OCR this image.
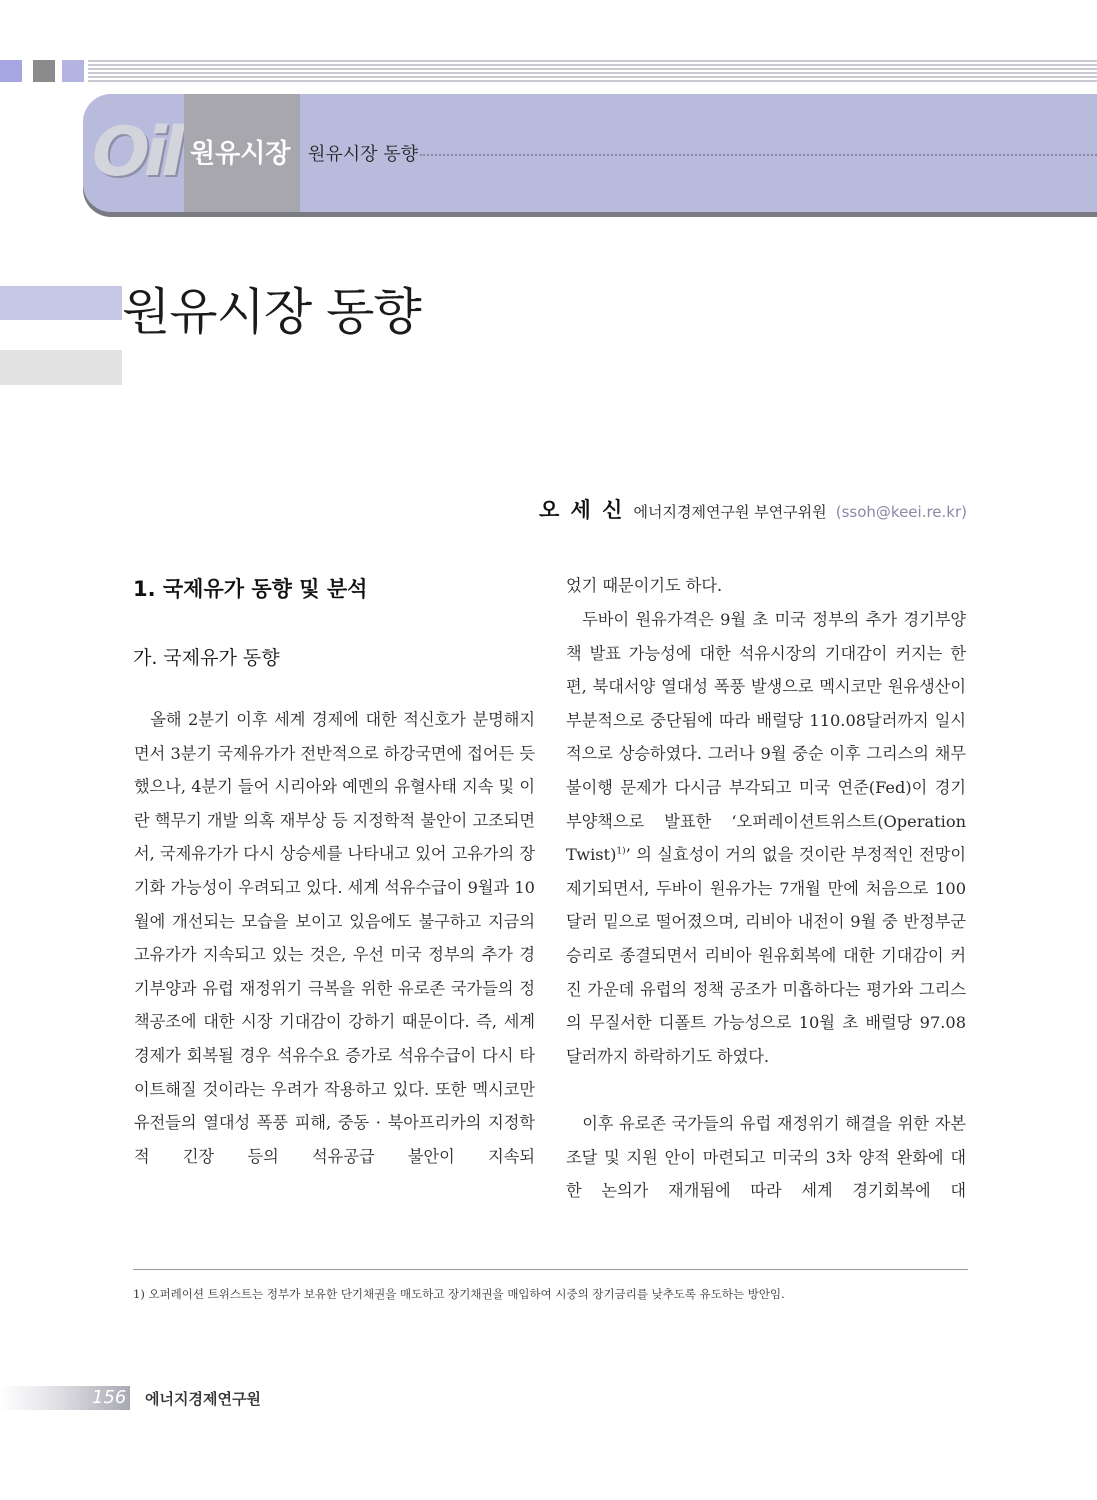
Oil 원유시장 원유시장 동향
원유시장 동향
오 세 신 에너지경제연구원 부연구위원 (ssoh@keei.re.kr)
1. 국제유가 동향 및 분석
가. 국제유가 동향

올해 2분기 이후 세계 경제에 대한 적신호가 분명해지면서 3분기 국제유가가 전반적으로 하강국면에 접어든 듯 했으나, 4분기 들어 시리아와 예멘의 유혈사태 지속 및 이란 핵무기 개발 의혹 재부상 등 지정학적 불안이 고조되면서, 국제유가가 다시 상승세를 나타내고 있어 고유가의 장기화 가능성이 우려되고 있다. 세계 석유수급이 9월과 10월에 개선되는 모습을 보이고 있음에도 불구하고 지금의 고유가가 지속되고 있는 것은, 우선 미국 정부의 추가 경기부양과 유럽 재정위기 극복을 위한 유로존 국가들의 정책공조에 대한 시장 기대감이 강하기 때문이다. 즉, 세계경제가 회복될 경우 석유수요 증가로 석유수급이 다시 타이트해질 것이라는 우려가 작용하고 있다. 또한 멕시코만 유전들의 열대성 폭풍 피해, 중동 · 북아프리카의 지정학적 긴장 등의 석유공급 불안이 지속되

었기 때문이기도 하다.

두바이 원유가격은 9월 초 미국 정부의 추가 경기부양책 발표 가능성에 대한 석유시장의 기대감이 커지는 한편, 북대서양 열대성 폭풍 발생으로 멕시코만 원유생산이 부분적으로 중단됨에 따라 배럴당 110.08달러까지 일시적으로 상승하였다. 그러나 9월 중순 이후 그리스의 채무불이행 문제가 다시금 부각되고 미국 연준(Fed)이 경기부양책으로 발표한 ‘오퍼레이션트위스트(Operation Twist)$^{1)}$’ 의 실효성이 거의 없을 것이란 부정적인 전망이 제기되면서, 두바이 원유가는 7개월 만에 처음으로 100달러 밑으로 떨어졌으며, 리비아 내전이 9월 중 반정부군 승리로 종결되면서 리비아 원유회복에 대한 기대감이 커진 가운데 유럽의 정책 공조가 미흡하다는 평가와 그리스의 무질서한 디폴트 가능성으로 10월 초 배럴당 97.08달러까지 하락하기도 하였다.

이후 유로존 국가들의 유럽 재정위기 해결을 위한 자본조달 및 지원 안이 마련되고 미국의 3차 양적 완화에 대한 논의가 재개됨에 따라 세계 경기회복에 대

1) 오퍼레이션 트위스트는 정부가 보유한 단기채권을 매도하고 장기채권을 매입하여 시중의 장기금리를 낮추도록 유도하는 방안임.
156 에너지경제연구원
